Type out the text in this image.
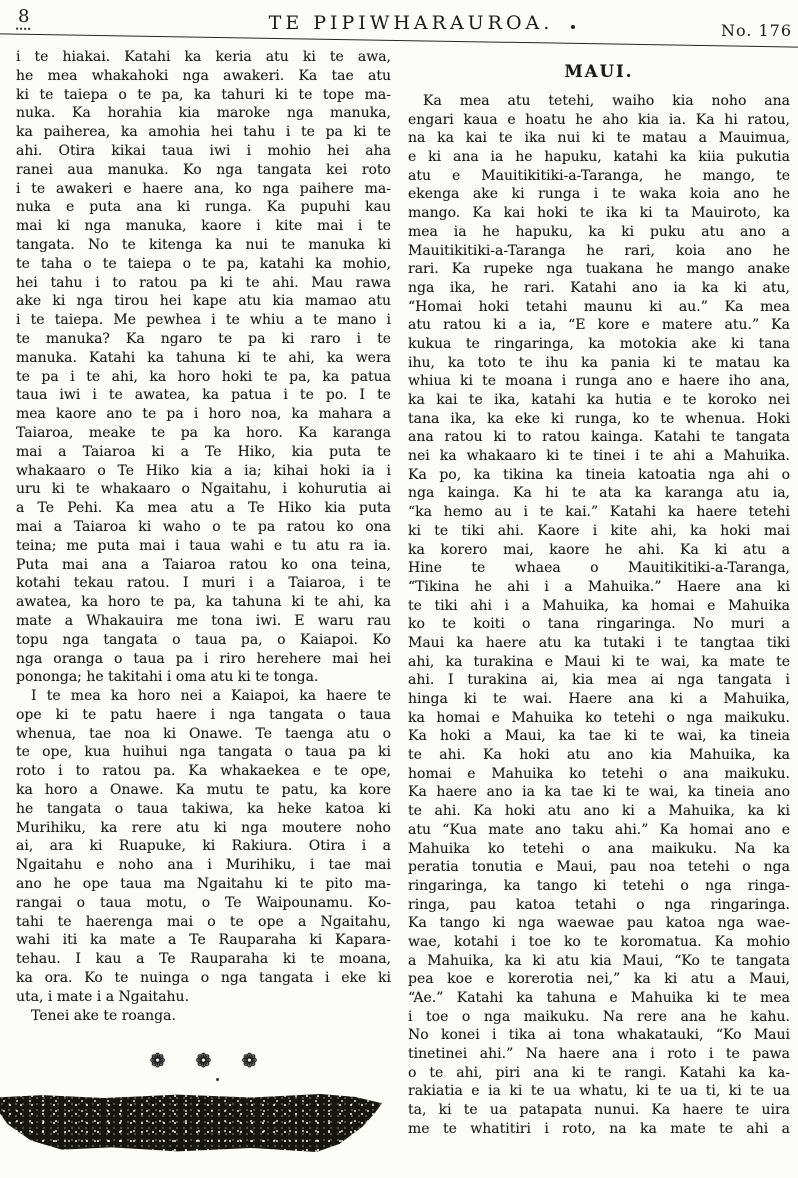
8	TE PIPIWHARAUROA.	No. 176
i te hiakai. Katahi ka keria atu ki te awa,
he mea whakahoki nga awakeri. Ka tae atu
ki te taiepa o te pa, ka tahuri ki te tope ma-
nuka. Ka horahia kia maroke nga manuka,
ka paiherea, ka amohia hei tahu i te pa ki te
ahi. Otira kikai taua iwi i mohio hei aha
ranei aua manuka. Ko nga tangata kei roto
i te awakeri e haere ana, ko nga paihere ma-
nuka e puta ana ki runga. Ka pupuhi kau
mai ki nga manuka, kaore i kite mai i te
tangata. No te kitenga ka nui te manuka ki
te taha o te taiepa o te pa, katahi ka mohio,
hei tahu i to ratou pa ki te ahi. Mau rawa
ake ki nga tirou hei kape atu kia mamao atu
i te taiepa. Me pewhea i te whiu a te mano i
te manuka? Ka ngaro te pa ki raro i te
manuka. Katahi ka tahuna ki te ahi, ka wera
te pa i te ahi, ka horo hoki te pa, ka patua
taua iwi i te awatea, ka patua i te po. I te
mea kaore ano te pa i horo noa, ka mahara a
Taiaroa, meake te pa ka horo. Ka karanga
mai a Taiaroa ki a Te Hiko, kia puta te
whakaaro o Te Hiko kia a ia; kihai hoki ia i
uru ki te whakaaro o Ngaitahu, i kohurutia ai
a Te Pehi. Ka mea atu a Te Hiko kia puta
mai a Taiaroa ki waho o te pa ratou ko ona
teina; me puta mai i taua wahi e tu atu ra ia.
Puta mai ana a Taiaroa ratou ko ona teina,
kotahi tekau ratou. I muri i a Taiaroa, i te
awatea, ka horo te pa, ka tahuna ki te ahi, ka
mate a Whakauira me tona iwi. E waru rau
topu nga tangata o taua pa, o Kaiapoi. Ko
nga oranga o taua pa i riro herehere mai hei
pononga; he takitahi i oma atu ki te tonga.
I te mea ka horo nei a Kaiapoi, ka haere te
ope ki te patu haere i nga tangata o taua
whenua, tae noa ki Onawe. Te taenga atu o
te ope, kua huihui nga tangata o taua pa ki
roto i to ratou pa. Ka whakaekea e te ope,
ka horo a Onawe. Ka mutu te patu, ka kore
he tangata o taua takiwa, ka heke katoa ki
Murihiku, ka rere atu ki nga moutere noho
ai, ara ki Ruapuke, ki Rakiura. Otira i a
Ngaitahu e noho ana i Murihiku, i tae mai
ano he ope taua ma Ngaitahu ki te pito ma-
rangai o taua motu, o Te Waipounamu. Ko-
tahi te haerenga mai o te ope a Ngaitahu,
wahi iti ka mate a Te Rauparaha ki Kapara-
tehau. I kau a Te Rauparaha ki te moana,
ka ora. Ko te nuinga o nga tangata i eke ki
uta, i mate i a Ngaitahu.
Tenei ake te roanga.
❁ ❁ ❁
MAUI.
Ka mea atu tetehi, waiho kia noho ana
engari kaua e hoatu he aho kia ia. Ka hi ratou,
na ka kai te ika nui ki te matau a Mauimua,
e ki ana ia he hapuku, katahi ka kiia pukutia
atu e Mauitikitiki-a-Taranga, he mango, te
ekenga ake ki runga i te waka koia ano he
mango. Ka kai hoki te ika ki ta Mauiroto, ka
mea ia he hapuku, ka ki puku atu ano a
Mauitikitiki-a-Taranga he rari, koia ano he
rari. Ka rupeke nga tuakana he mango anake
nga ika, he rari. Katahi ano ia ka ki atu,
“Homai hoki tetahi maunu ki au.” Ka mea
atu ratou ki a ia, “E kore e matere atu.” Ka
kukua te ringaringa, ka motokia ake ki tana
ihu, ka toto te ihu ka pania ki te matau ka
whiua ki te moana i runga ano e haere iho ana,
ka kai te ika, katahi ka hutia e te koroko nei
tana ika, ka eke ki runga, ko te whenua. Hoki
ana ratou ki to ratou kainga. Katahi te tangata
nei ka whakaaro ki te tinei i te ahi a Mahuika.
Ka po, ka tikina ka tineia katoatia nga ahi o
nga kainga. Ka hi te ata ka karanga atu ia,
“ka hemo au i te kai.” Katahi ka haere tetehi
ki te tiki ahi. Kaore i kite ahi, ka hoki mai
ka korero mai, kaore he ahi. Ka ki atu a
Hine te whaea o Mauitikitiki-a-Taranga,
“Tikina he ahi i a Mahuika.” Haere ana ki
te tiki ahi i a Mahuika, ka homai e Mahuika
ko te koiti o tana ringaringa. No muri a
Maui ka haere atu ka tutaki i te tangtaa tiki
ahi, ka turakina e Maui ki te wai, ka mate te
ahi. I turakina ai, kia mea ai nga tangata i
hinga ki te wai. Haere ana ki a Mahuika,
ka homai e Mahuika ko tetehi o nga maikuku.
Ka hoki a Maui, ka tae ki te wai, ka tineia
te ahi. Ka hoki atu ano kia Mahuika, ka
homai e Mahuika ko tetehi o ana maikuku.
Ka haere ano ia ka tae ki te wai, ka tineia ano
te ahi. Ka hoki atu ano ki a Mahuika, ka ki
atu “Kua mate ano taku ahi.” Ka homai ano e
Mahuika ko tetehi o ana maikuku. Na ka
peratia tonutia e Maui, pau noa tetehi o nga
ringaringa, ka tango ki tetehi o nga ringa-
ringa, pau katoa tetahi o nga ringaringa.
Ka tango ki nga waewae pau katoa nga wae-
wae, kotahi i toe ko te koromatua. Ka mohio
a Mahuika, ka ki atu kia Maui, “Ko te tangata
pea koe e korerotia nei,” ka ki atu a Maui,
“Ae.” Katahi ka tahuna e Mahuika ki te mea
i toe o nga maikuku. Na rere ana he kahu.
No konei i tika ai tona whakatauki, “Ko Maui
tinetinei ahi.” Na haere ana i roto i te pawa
o te ahi, piri ana ki te rangi. Katahi ka ka-
rakiatia e ia ki te ua whatu, ki te ua ti, ki te ua
ta, ki te ua patapata nunui. Ka haere te uira
me te whatitiri i roto, na ka mate te ahi a
